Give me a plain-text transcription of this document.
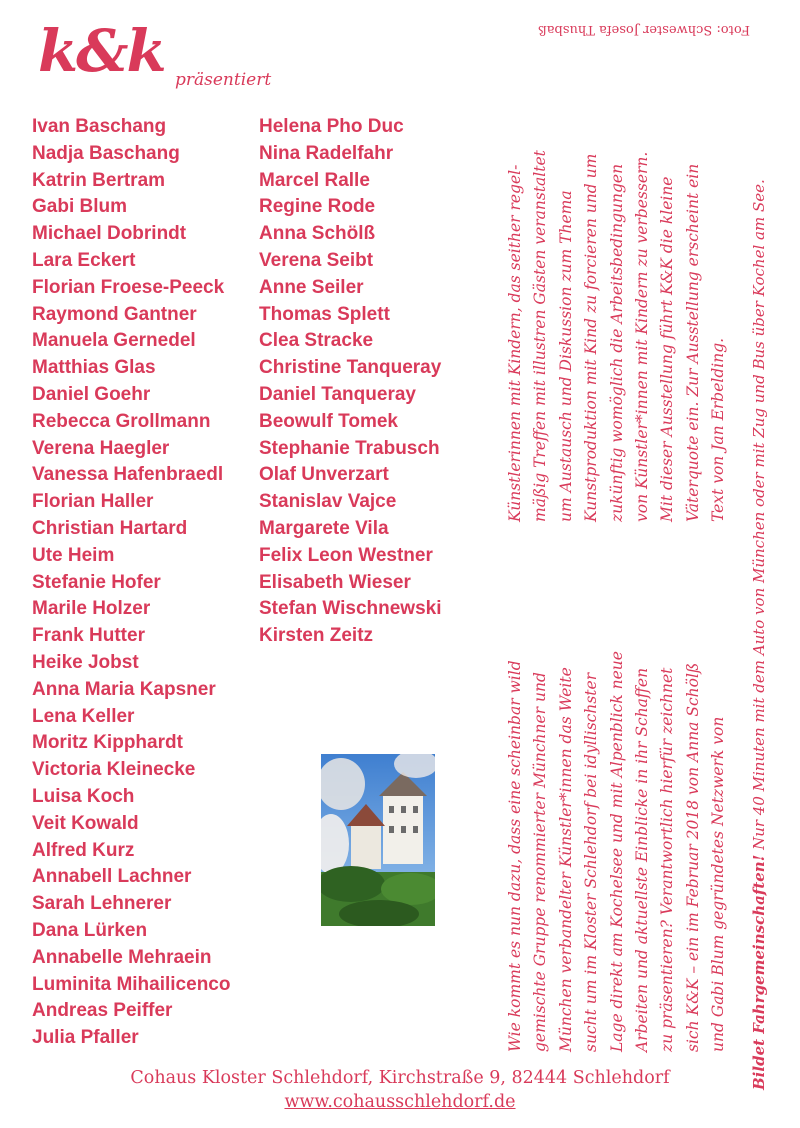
k&k präsentiert
Ivan Baschang
Nadja Baschang
Katrin Bertram
Gabi Blum
Michael Dobrindt
Lara Eckert
Florian Froese-Peeck
Raymond Gantner
Manuela Gernedel
Matthias Glas
Daniel Goehr
Rebecca Grollmann
Verena Haegler
Vanessa Hafenbraedl
Florian Haller
Christian Hartard
Ute Heim
Stefanie Hofer
Marile Holzer
Frank Hutter
Heike Jobst
Anna Maria Kapsner
Lena Keller
Moritz Kipphardt
Victoria Kleinecke
Luisa Koch
Veit Kowald
Alfred Kurz
Annabell Lachner
Sarah Lehnerer
Dana Lürken
Annabelle Mehraein
Luminita Mihailicenco
Andreas Peiffer
Julia Pfaller
Helena Pho Duc
Nina Radelfahr
Marcel Ralle
Regine Rode
Anna Schölß
Verena Seibt
Anne Seiler
Thomas Splett
Clea Stracke
Christine Tanqueray
Daniel Tanqueray
Beowulf Tomek
Stephanie Trabusch
Olaf Unverzart
Stanislav Vajce
Margarete Vila
Felix Leon Westner
Elisabeth Wieser
Stefan Wischnewski
Kirsten Zeitz

Wie kommt es nun dazu, dass eine scheinbar wild gemischte Gruppe renommierter Münchner und München verbandelter Künstler*innen das Weite sucht um im Kloster Schlehdorf bei idyllischster Lage direkt am Kochelsee und mit Alpenblick neue Arbeiten und aktuellste Einblicke in ihr Schaffen zu präsentieren? Verantwortlich hierfür zeichnet sich K&K – ein im Februar 2018 von Anna Schölß und Gabi Blum gegründetes Netzwerk von

Künstlerinnen mit Kindern, das seither regel- mäßig Treffen mit illustren Gästen veranstaltet um Austausch und Diskussion zum Thema Kunstproduktion mit Kind zu forcieren und um zukünftig womöglich die Arbeitsbedingungen von Künstler*innen mit Kindern zu verbessern. Mit dieser Ausstellung führt K&K die kleine Väterquote ein. Zur Ausstellung erscheint ein Text von Jan Erbelding.

Bildet Fahrgemeinschaften! Nur 40 Minuten mit dem Auto von München oder mit Zug und Bus über Kochel am See.

Foto: Schwester Josefa Thusbaß
Cohaus Kloster Schlehdorf, Kirchstraße 9, 82444 Schlehdorf
www.cohausschlehdorf.de
